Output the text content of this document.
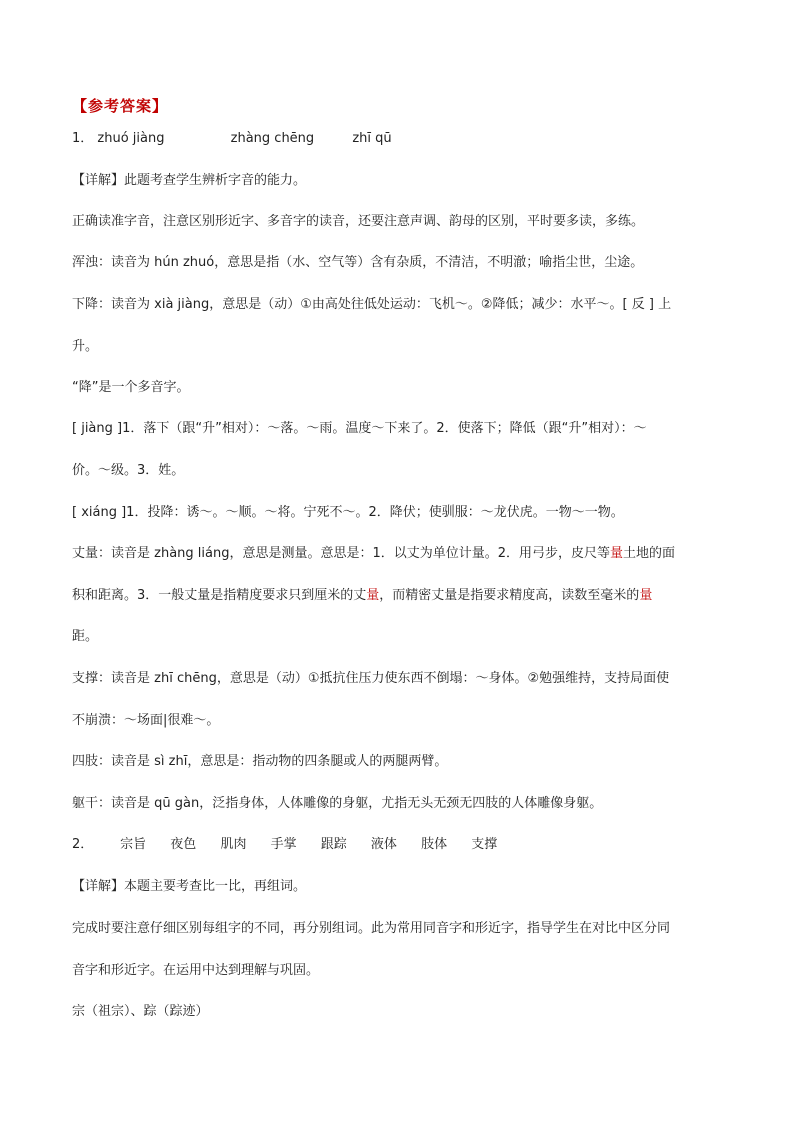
【参考答案】
1． zhuó jiàng	zhàng chēng	zhī qū
【详解】此题考查学生辨析字音的能力。
正确读准字音，注意区别形近字、多音字的读音，还要注意声调、韵母的区别，平时要多读，多练。
浑浊：读音为 hún zhuó，意思是指（水、空气等）含有杂质，不清洁，不明澈；喻指尘世，尘途。
下降：读音为 xià jiàng，意思是（动）①由高处往低处运动：飞机～。②降低；减少：水平～。[ 反 ] 上
升。
“降”是一个多音字。
[ jiàng ]1．落下（跟“升”相对）：～落。～雨。温度～下来了。2．使落下；降低（跟“升”相对）：～
价。～级。3．姓。
[ xiáng ]1．投降：诱～。～顺。～将。宁死不～。2．降伏；使驯服：～龙伏虎。一物～一物。
丈量：读音是 zhàng liáng，意思是测量。意思是：1．以丈为单位计量。2．用弓步，皮尺等量土地的面
积和距离。3．一般丈量是指精度要求只到厘米的丈量，而精密丈量是指要求精度高，读数至毫米的量
距。
支撑：读音是 zhī chēng，意思是（动）①抵抗住压力使东西不倒塌：～身体。②勉强维持，支持局面使
不崩溃：～场面|很难～。
四肢：读音是 sì zhī，意思是：指动物的四条腿或人的两腿两臂。
躯干：读音是 qū gàn，泛指身体，人体雕像的身躯，尤指无头无颈无四肢的人体雕像身躯。
2． 宗旨 夜色 肌肉 手掌 跟踪 液体 肢体 支撑
【详解】本题主要考查比一比，再组词。
完成时要注意仔细区别每组字的不同，再分别组词。此为常用同音字和形近字，指导学生在对比中区分同
音字和形近字。在运用中达到理解与巩固。
宗（祖宗）、踪（踪迹）
